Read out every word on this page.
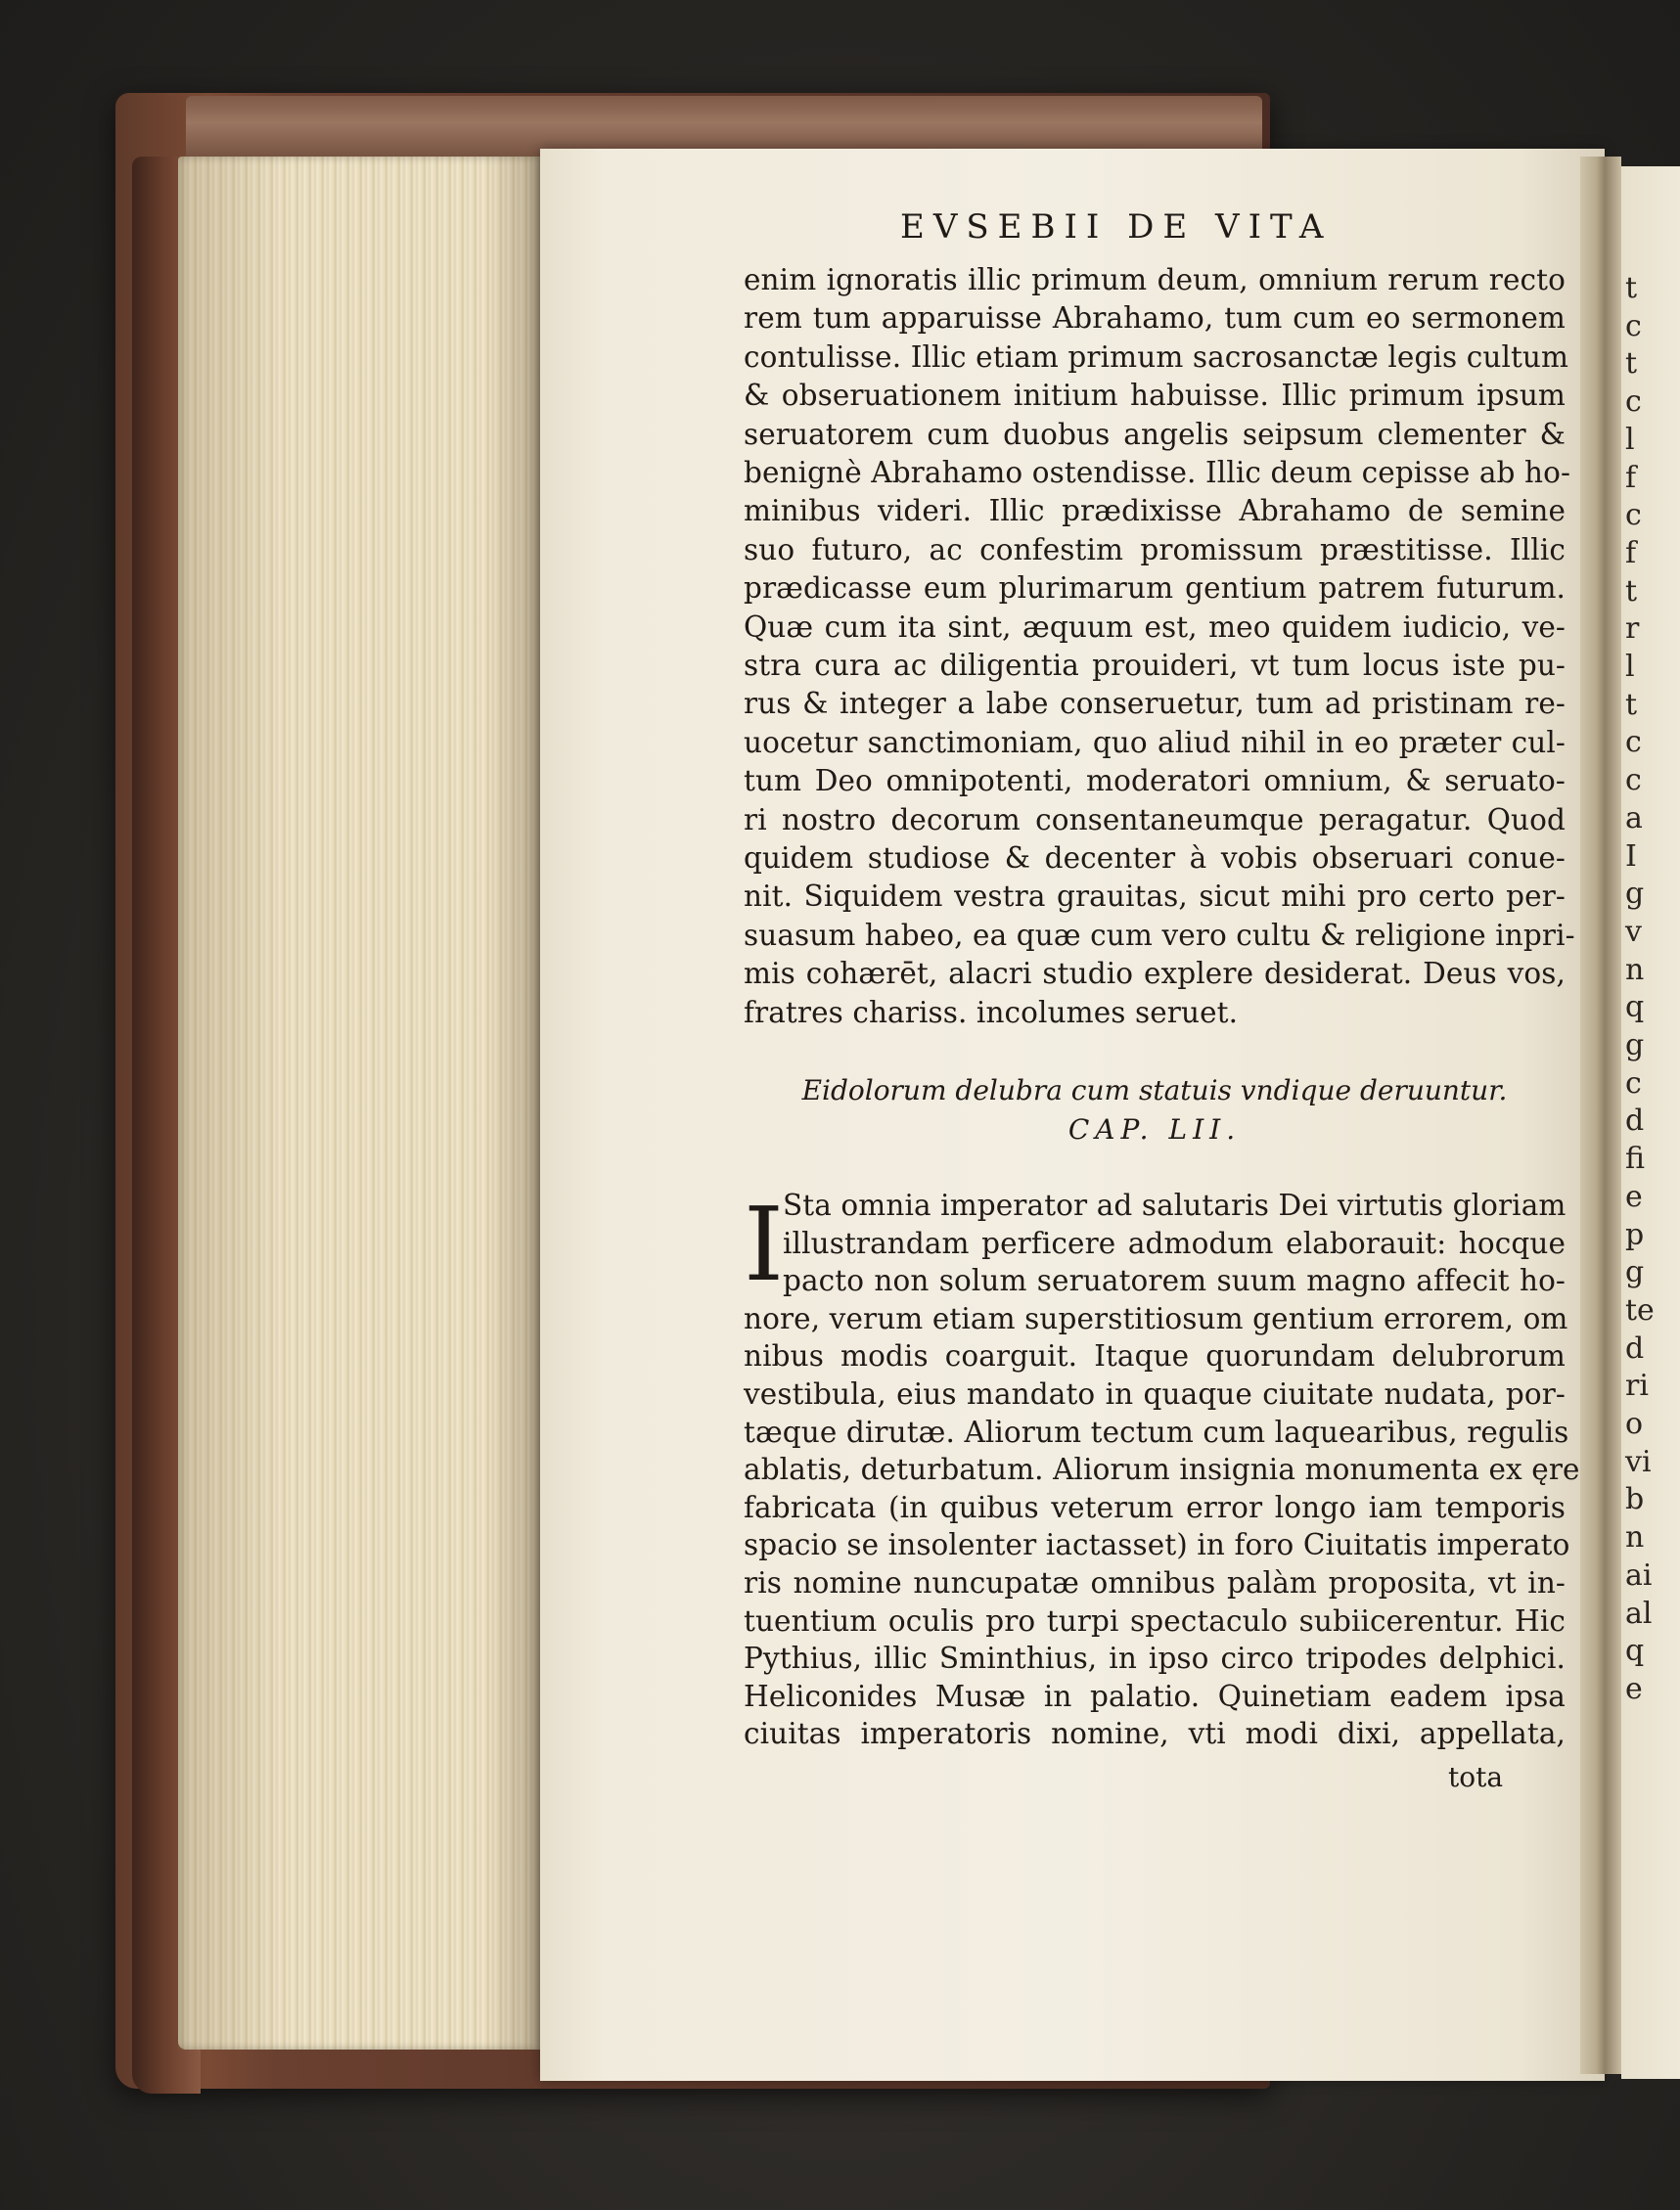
t
c
t
c
l
f
c
f
t
r
l
t
c
c
a
I
g
v
n
q
g
c
d
fi
e
p
g
te
d
ri
o
vi
b
n
ai
al
q
e
EVSEBII DE VITA
enim ignoratis illic primum deum, omnium rerum recto
rem tum apparuisse Abrahamo, tum cum eo sermonem
contulisse. Illic etiam primum sacrosanctæ legis cultum
& obseruationem initium habuisse. Illic primum ipsum
seruatorem cum duobus angelis seipsum clementer &
benignè Abrahamo ostendisse. Illic deum cepisse ab ho-
minibus videri. Illic prædixisse Abrahamo de semine
suo futuro, ac confestim promissum præstitisse. Illic
prædicasse eum plurimarum gentium patrem futurum.
Quæ cum ita sint, æquum est, meo quidem iudicio, ve-
stra cura ac diligentia prouideri, vt tum locus iste pu-
rus & integer a labe conseruetur, tum ad pristinam re-
uocetur sanctimoniam, quo aliud nihil in eo præter cul-
tum Deo omnipotenti, moderatori omnium, & seruato-
ri nostro decorum consentaneumque peragatur. Quod
quidem studiose & decenter à vobis obseruari conue-
nit. Siquidem vestra grauitas, sicut mihi pro certo per-
suasum habeo, ea quæ cum vero cultu & religione inpri-
mis cohærēt, alacri studio explere desiderat. Deus vos,
fratres chariss. incolumes seruet.
Eidolorum delubra cum statuis vndique deruuntur.
CAP. LII.
I
Sta omnia imperator ad salutaris Dei virtutis gloriam
illustrandam perficere admodum elaborauit: hocque
pacto non solum seruatorem suum magno affecit ho-
nore, verum etiam superstitiosum gentium errorem, om
nibus modis coarguit. Itaque quorundam delubrorum
vestibula, eius mandato in quaque ciuitate nudata, por-
tæque dirutæ. Aliorum tectum cum laquearibus, regulis
ablatis, deturbatum. Aliorum insignia monumenta ex ęre
fabricata (in quibus veterum error longo iam temporis
spacio se insolenter iactasset) in foro Ciuitatis imperato
ris nomine nuncupatæ omnibus palàm proposita, vt in-
tuentium oculis pro turpi spectaculo subiicerentur. Hic
Pythius, illic Sminthius, in ipso circo tripodes delphici.
Heliconides Musæ in palatio. Quinetiam eadem ipsa
ciuitas imperatoris nomine, vti modi dixi, appellata,
tota
